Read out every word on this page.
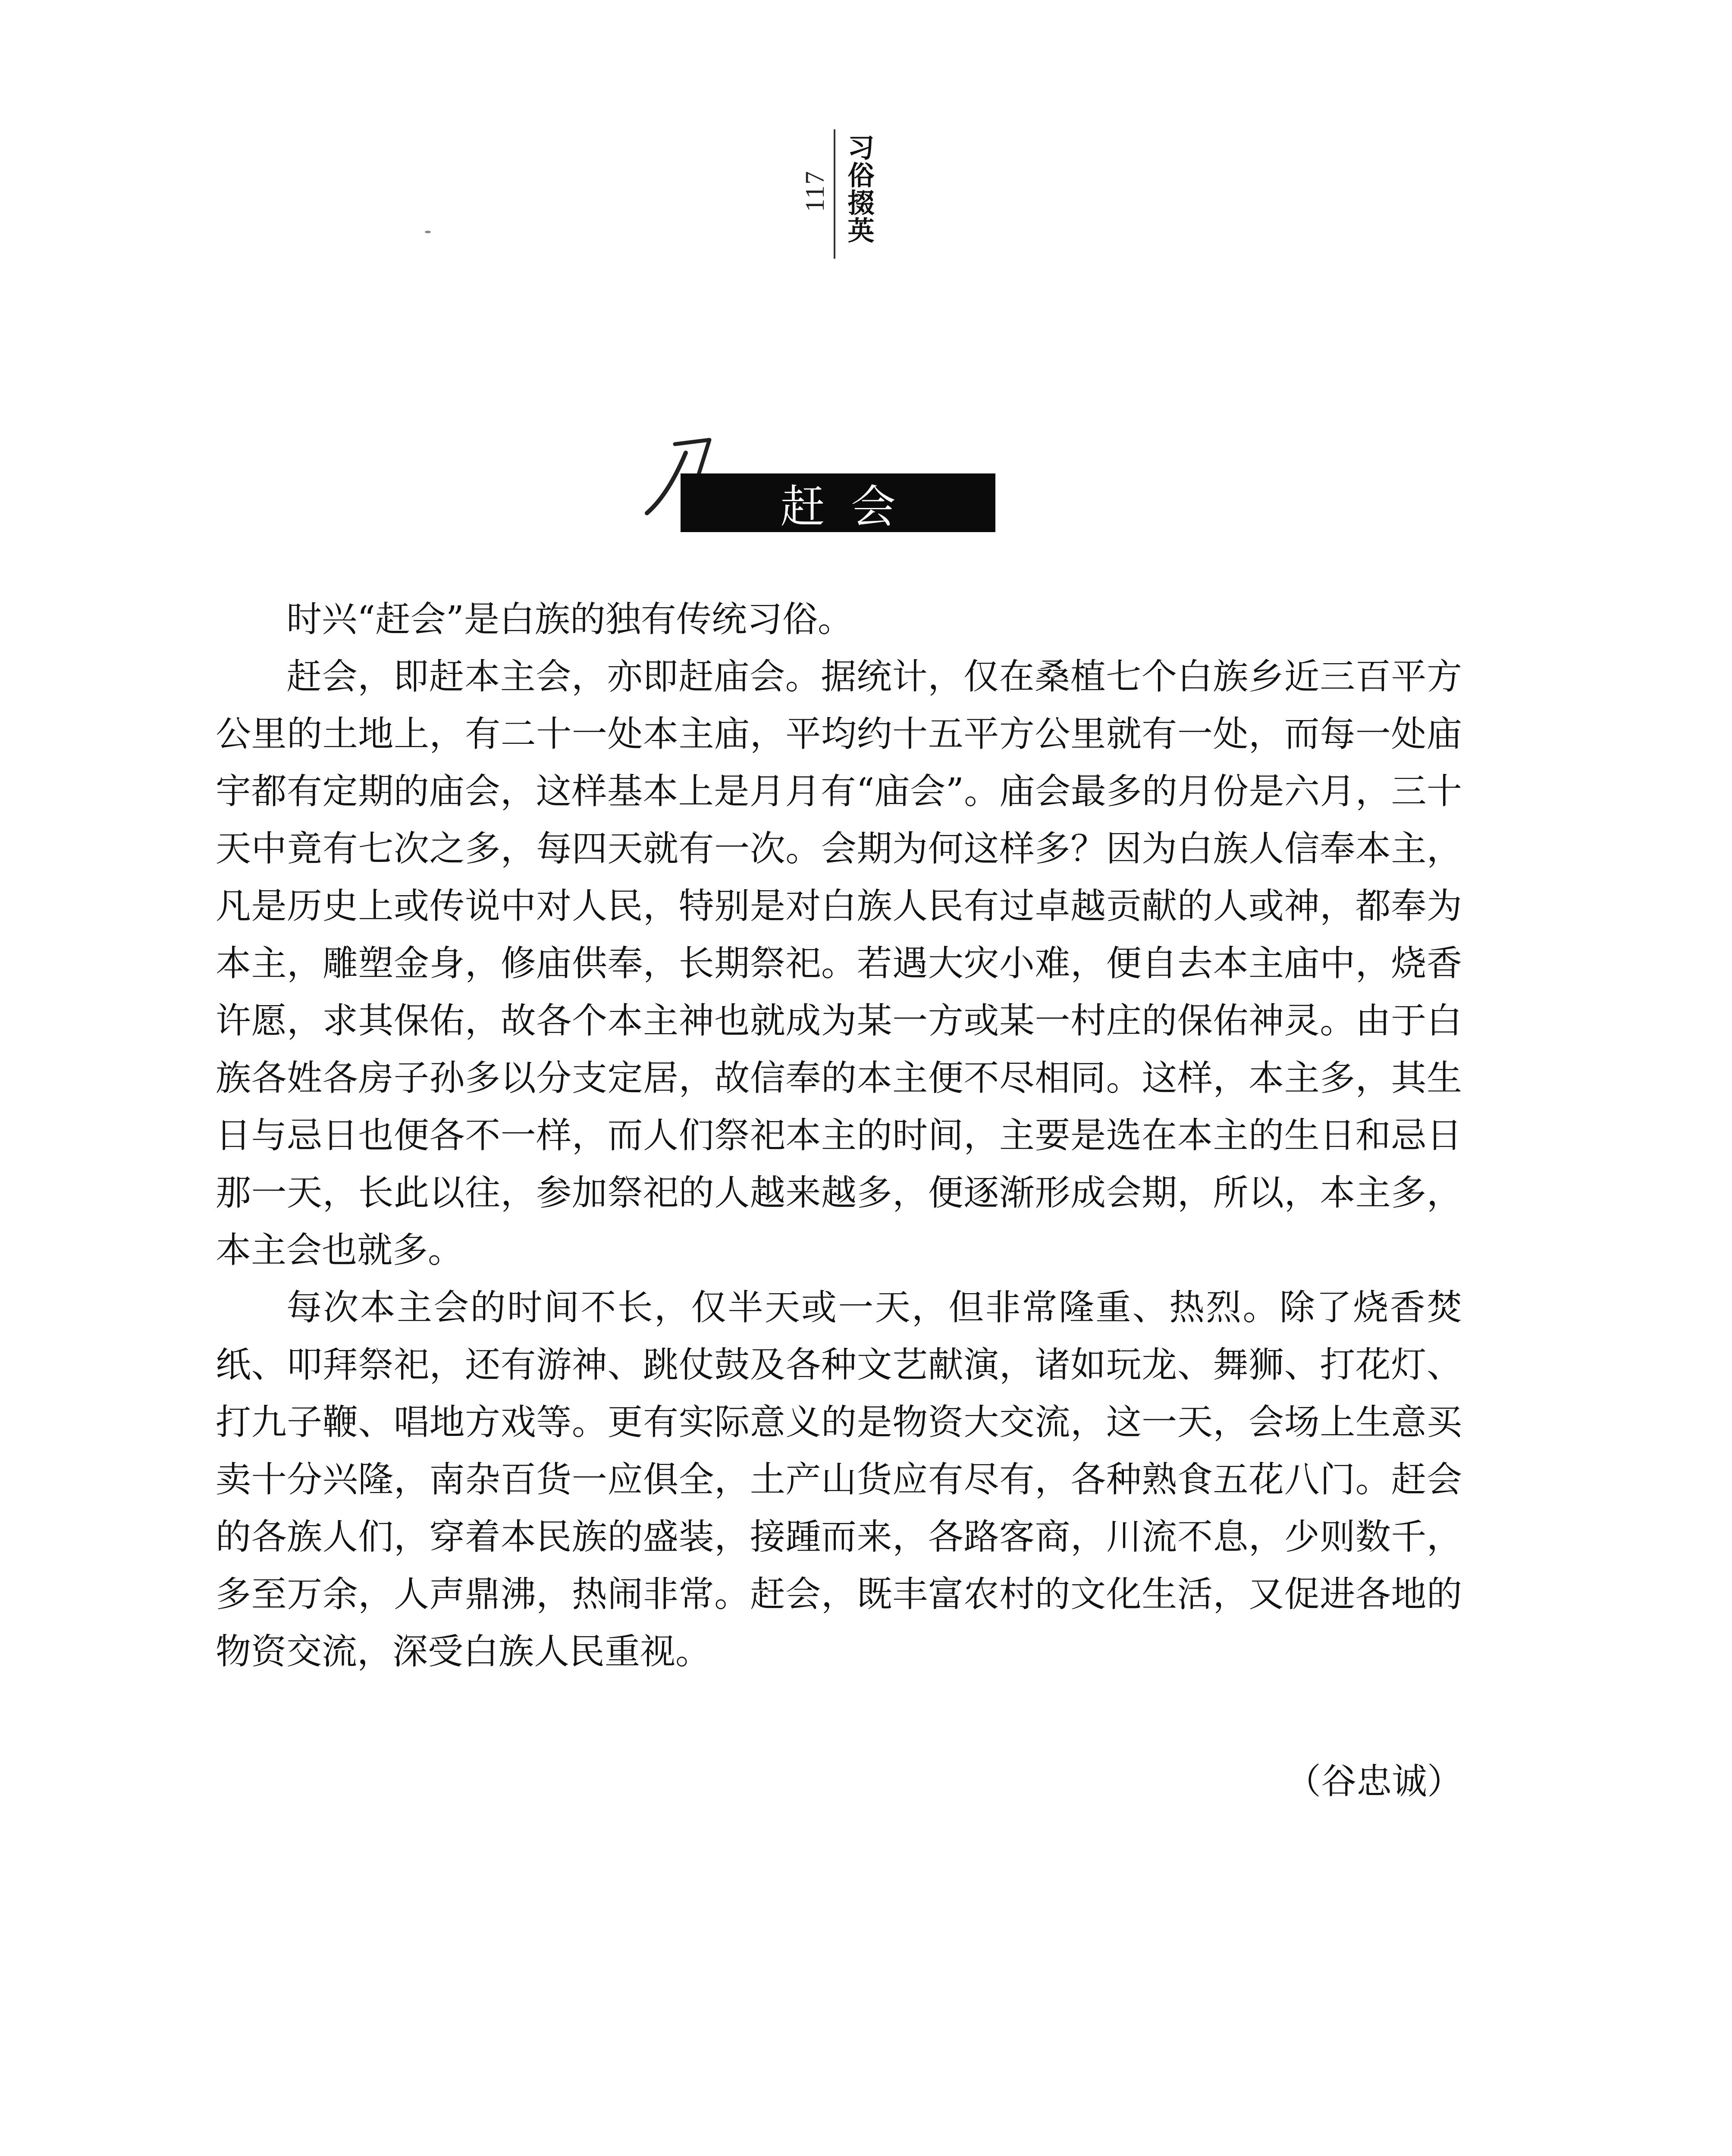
117 习俗掇英
赶会

时兴“赶会”是白族的独有传统习俗。

赶会，即赶本主会，亦即赶庙会。据统计，仅在桑植七个白族乡近三百平方公里的土地上，有二十一处本主庙，平均约十五平方公里就有一处，而每一处庙宇都有定期的庙会，这样基本上是月月有“庙会”。庙会最多的月份是六月，三十天中竟有七次之多，每四天就有一次。会期为何这样多？因为白族人信奉本主，凡是历史上或传说中对人民，特别是对白族人民有过卓越贡献的人或神，都奉为本主，雕塑金身，修庙供奉，长期祭祀。若遇大灾小难，便自去本主庙中，烧香许愿，求其保佑，故各个本主神也就成为某一方或某一村庄的保佑神灵。由于白族各姓各房子孙多以分支定居，故信奉的本主便不尽相同。这样，本主多，其生日与忌日也便各不一样，而人们祭祀本主的时间，主要是选在本主的生日和忌日那一天，长此以往，参加祭祀的人越来越多，便逐渐形成会期，所以，本主多，本主会也就多。

每次本主会的时间不长，仅半天或一天，但非常隆重、热烈。除了烧香焚纸、叩拜祭祀，还有游神、跳仗鼓及各种文艺献演，诸如玩龙、舞狮、打花灯、打九子鞭、唱地方戏等。更有实际意义的是物资大交流，这一天，会场上生意买卖十分兴隆，南杂百货一应俱全，土产山货应有尽有，各种熟食五花八门。赶会的各族人们，穿着本民族的盛装，接踵而来，各路客商，川流不息，少则数千，多至万余，人声鼎沸，热闹非常。赶会，既丰富农村的文化生活，又促进各地的物资交流，深受白族人民重视。

（谷忠诚）
